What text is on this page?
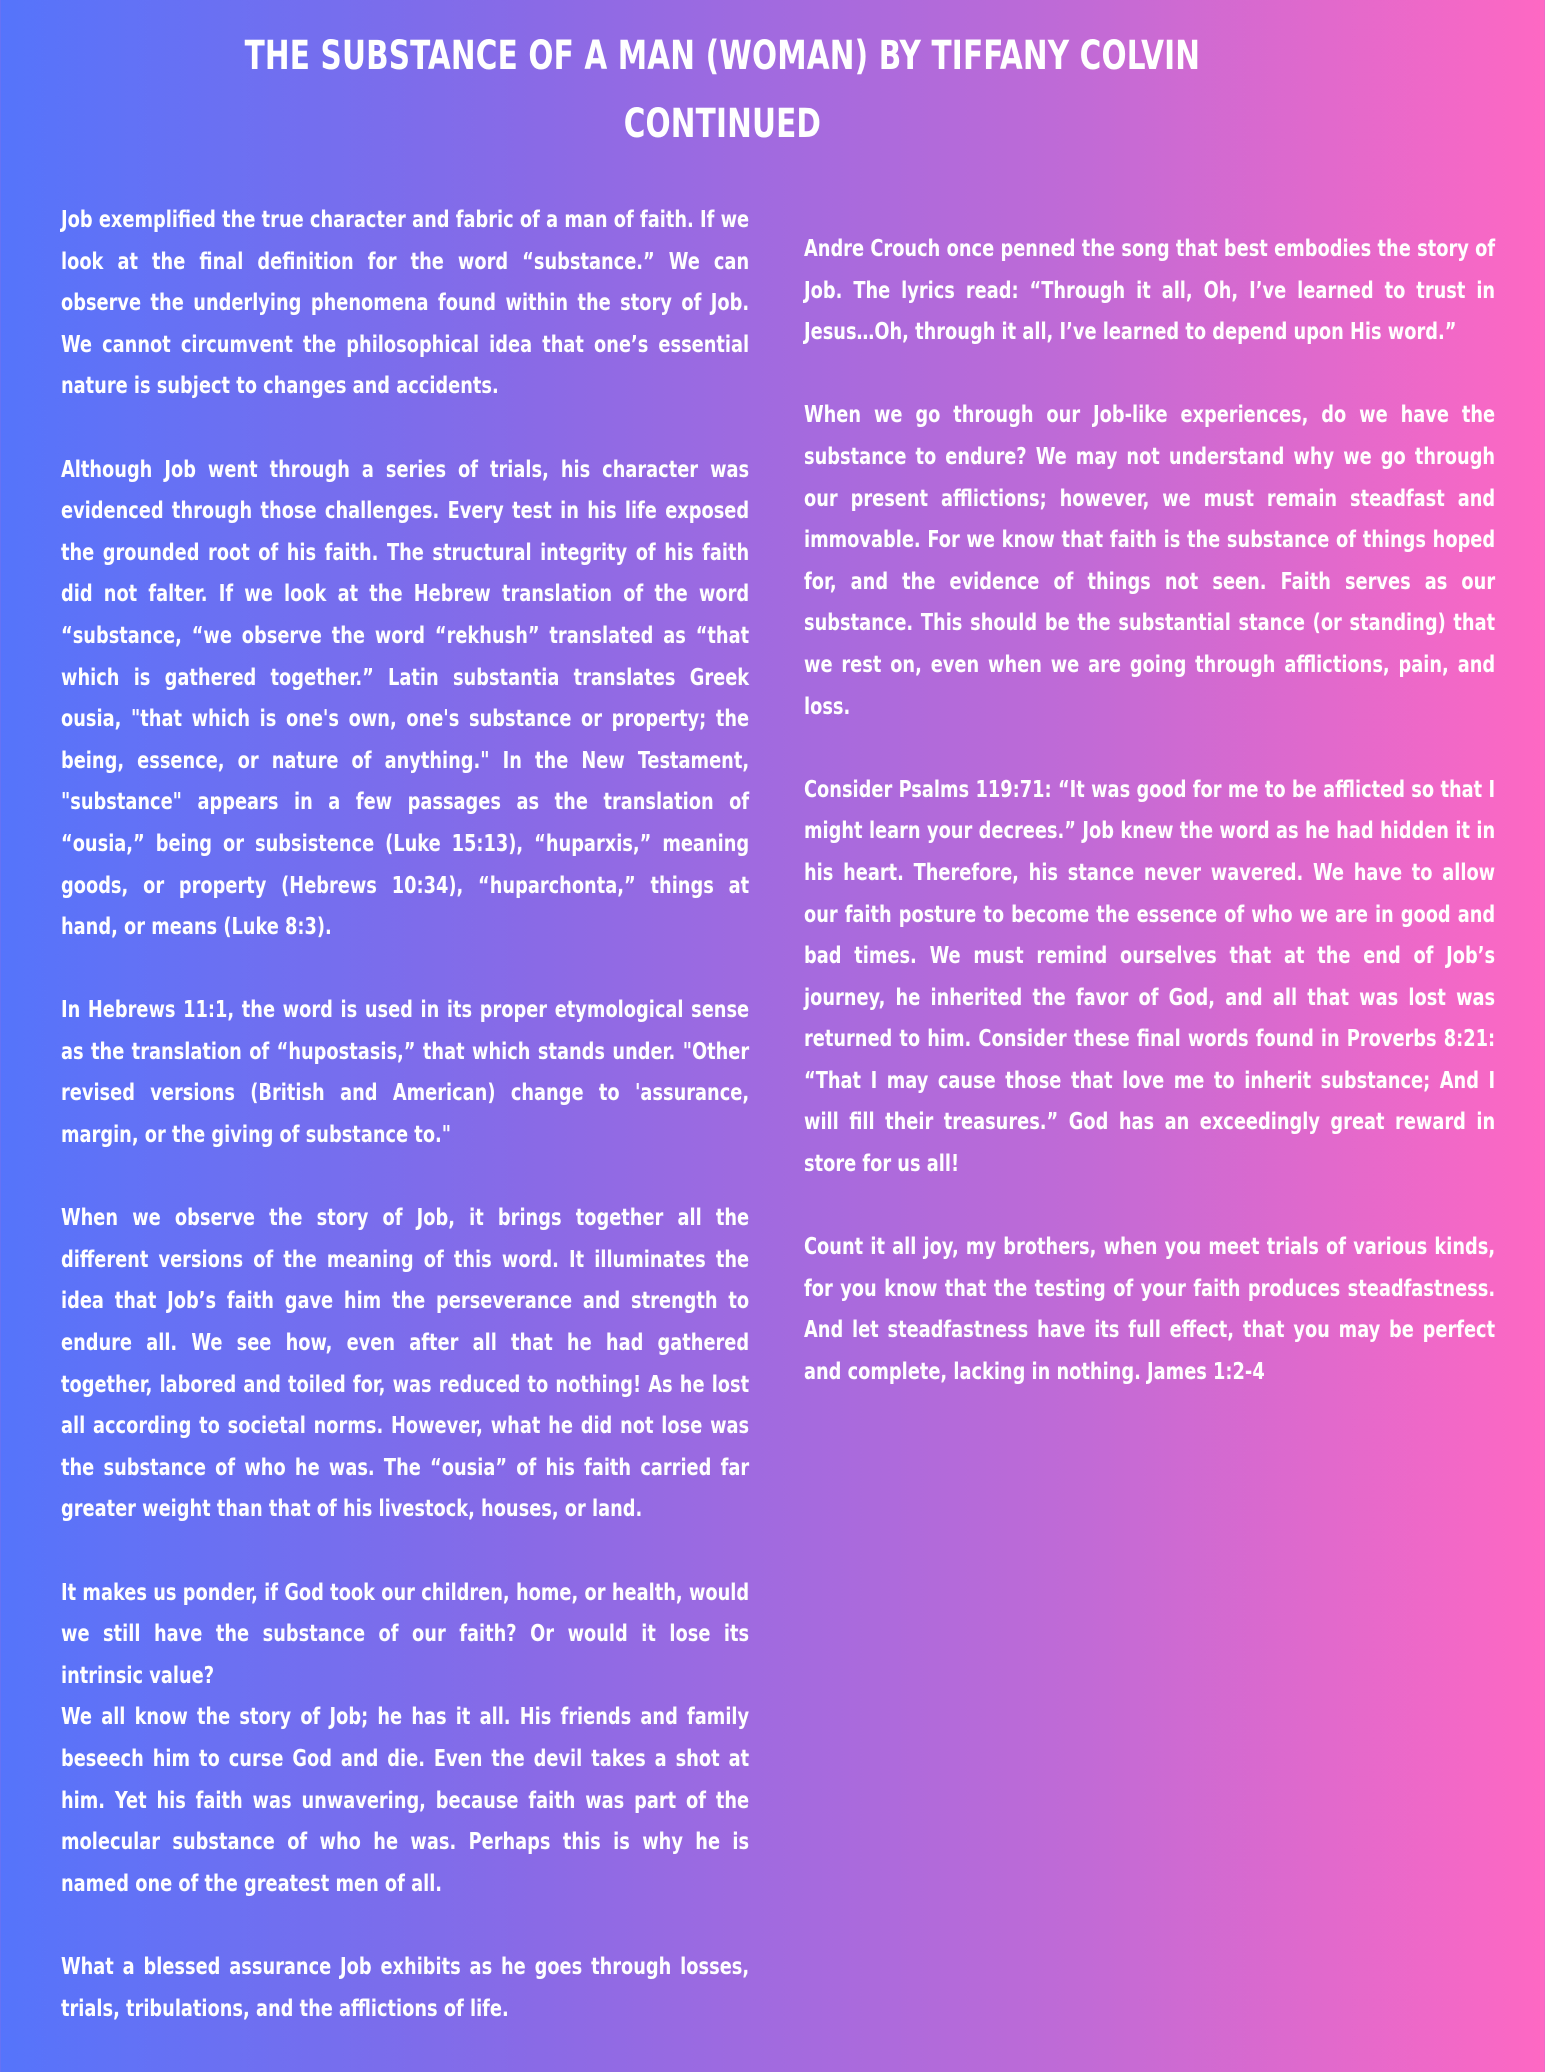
THE SUBSTANCE OF A MAN (WOMAN) BY TIFFANY COLVIN
CONTINUED

Job exemplified the true character and fabric of a man of faith. If we look at the final definition for the word “substance.” We can observe the underlying phenomena found within the story of Job. We cannot circumvent the philosophical idea that one’s essential nature is subject to changes and accidents.

Although Job went through a series of trials, his character was evidenced through those challenges. Every test in his life exposed the grounded root of his faith. The structural integrity of his faith did not falter. If we look at the Hebrew translation of the word “substance, “we observe the word “rekhush” translated as “that which is gathered together.” Latin substantia translates Greek ousia, "that which is one's own, one's substance or property; the being, essence, or nature of anything." In the New Testament, "substance" appears in a few passages as the translation of “ousia,” being or subsistence (Luke 15:13), “huparxis,” meaning goods, or property (Hebrews 10:34), “huparchonta,” things at hand, or means (Luke 8:3).

In Hebrews 11:1, the word is used in its proper etymological sense as the translation of “hupostasis,” that which stands under. "Other revised versions (British and American) change to 'assurance, margin, or the giving of substance to."

When we observe the story of Job, it brings together all the different versions of the meaning of this word. It illuminates the idea that Job’s faith gave him the perseverance and strength to endure all. We see how, even after all that he had gathered together, labored and toiled for, was reduced to nothing! As he lost all according to societal norms. However, what he did not lose was the substance of who he was. The “ousia” of his faith carried far greater weight than that of his livestock, houses, or land.

It makes us ponder, if God took our children, home, or health, would we still have the substance of our faith? Or would it lose its intrinsic value?

We all know the story of Job; he has it all. His friends and family beseech him to curse God and die. Even the devil takes a shot at him. Yet his faith was unwavering, because faith was part of the molecular substance of who he was. Perhaps this is why he is named one of the greatest men of all.

What a blessed assurance Job exhibits as he goes through losses, trials, tribulations, and the afflictions of life.

Andre Crouch once penned the song that best embodies the story of Job. The lyrics read: “Through it all, Oh, I’ve learned to trust in Jesus…Oh, through it all, I’ve learned to depend upon His word.”

When we go through our Job-like experiences, do we have the substance to endure? We may not understand why we go through our present afflictions; however, we must remain steadfast and immovable. For we know that faith is the substance of things hoped for, and the evidence of things not seen. Faith serves as our substance. This should be the substantial stance (or standing) that we rest on, even when we are going through afflictions, pain, and loss.

Consider Psalms 119:71: “It was good for me to be afflicted so that I might learn your decrees.” Job knew the word as he had hidden it in his heart. Therefore, his stance never wavered. We have to allow our faith posture to become the essence of who we are in good and bad times. We must remind ourselves that at the end of Job’s journey, he inherited the favor of God, and all that was lost was returned to him. Consider these final words found in Proverbs 8:21: “That I may cause those that love me to inherit substance; And I will fill their treasures.” God has an exceedingly great reward in store for us all!

Count it all joy, my brothers, when you meet trials of various kinds, for you know that the testing of your faith produces steadfastness. And let steadfastness have its full effect, that you may be perfect and complete, lacking in nothing. James 1:2-4
